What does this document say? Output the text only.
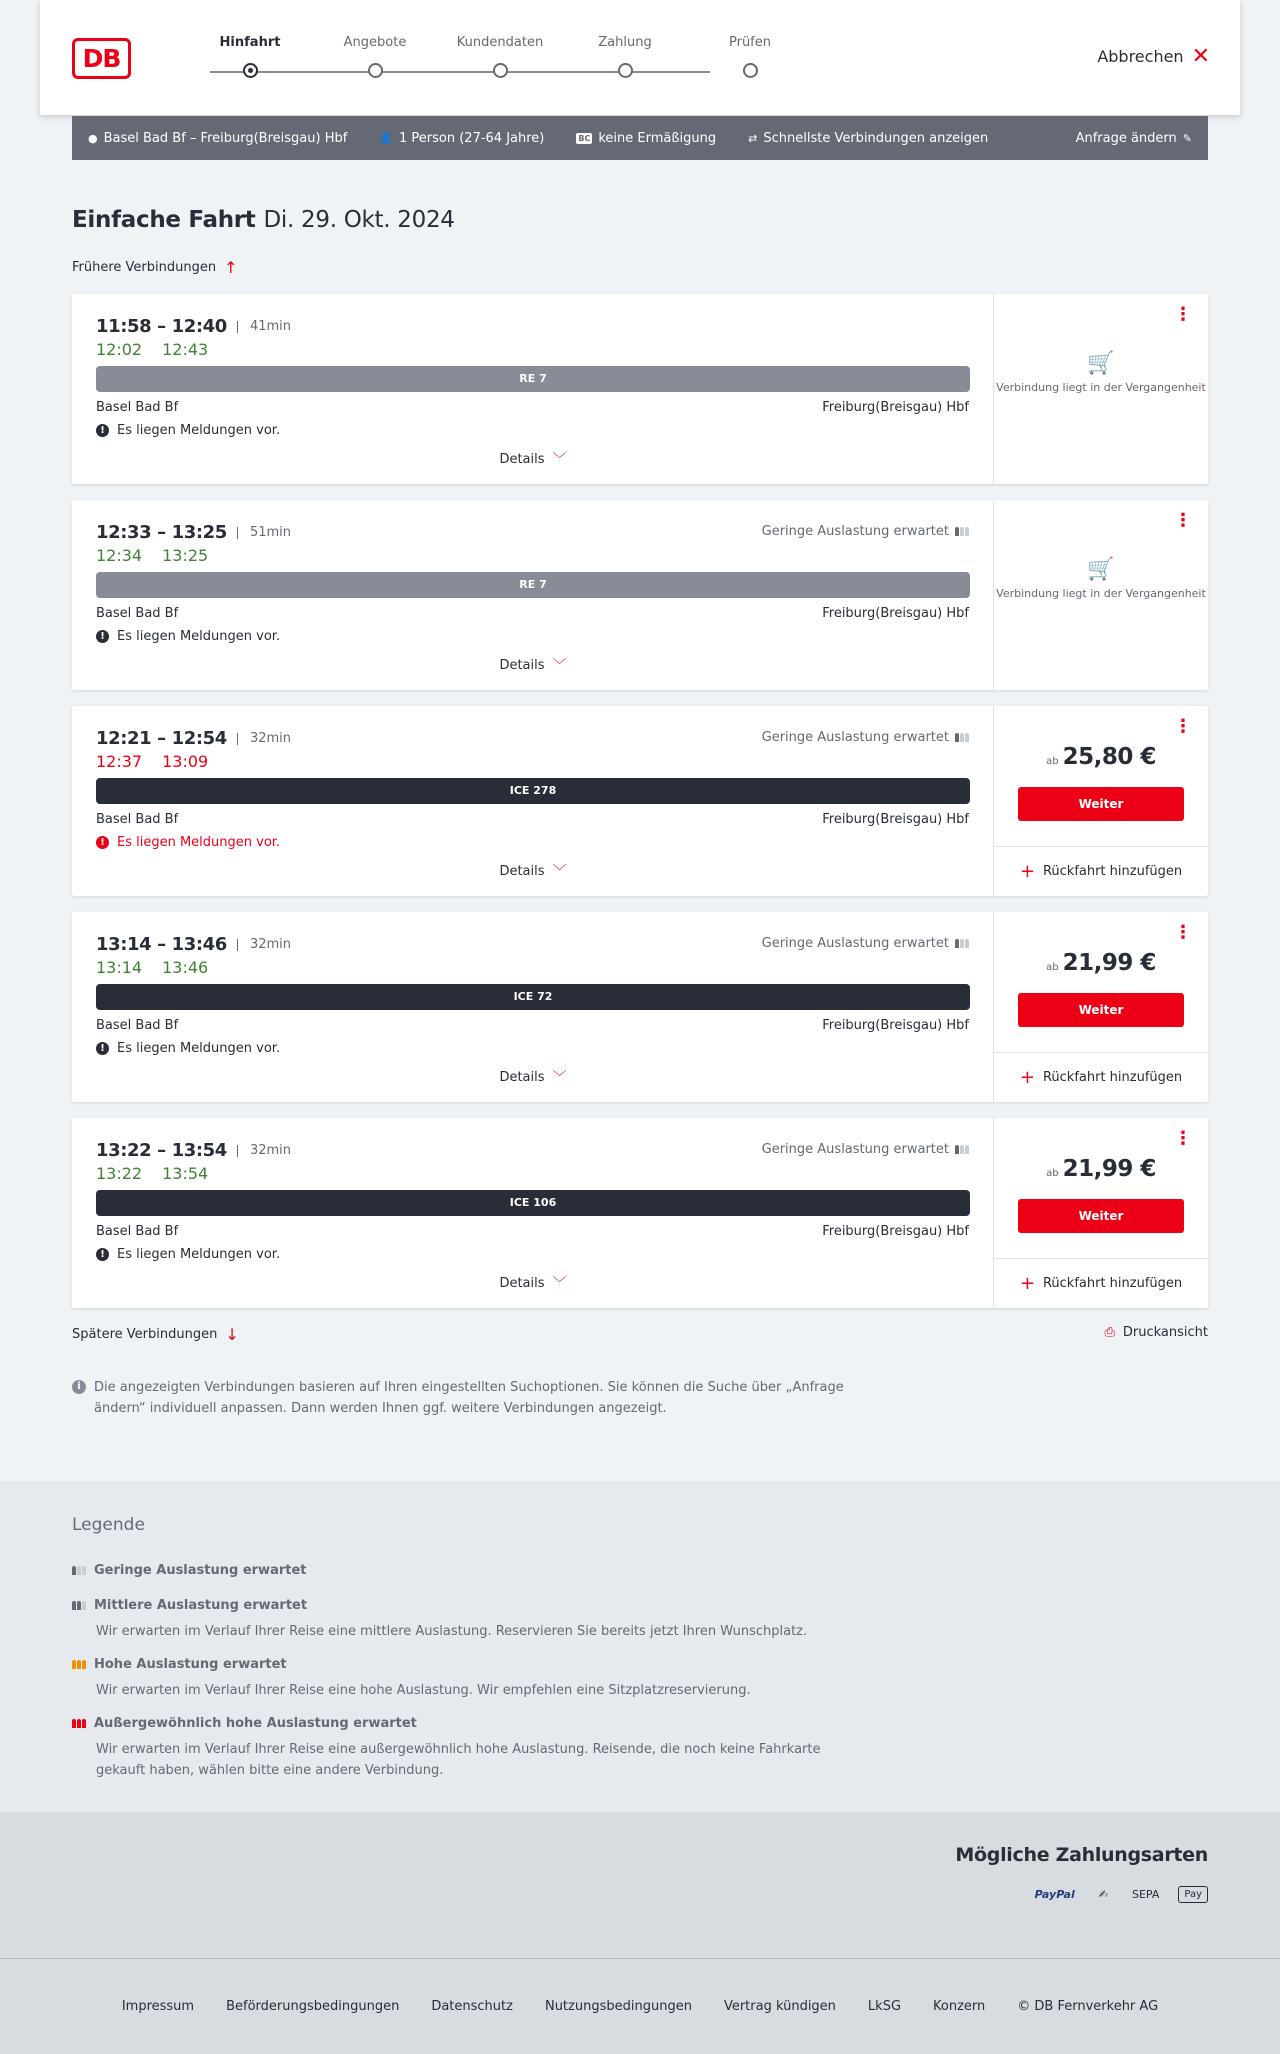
DB
Hinfahrt	Angebote	Kundendaten	Zahlung	Prüfen
Abbrechen ✕
● Basel Bad Bf – Freiburg(Breisgau) Hbf	👤 1 Person (27-64 Jahre)	BC keine Ermäßigung	⇄ Schnellste Verbindungen anzeigen	Anfrage ändern ✎
Einfache Fahrt Di. 29. Okt. 2024
Frühere Verbindungen ↑
11:58 – 12:40	41min
12:02 12:43
RE 7
Basel Bad Bf	Freiburg(Breisgau) Hbf
! Es liegen Meldungen vor.
Details ﹀
⋮
🛒
Verbindung liegt in der Vergangenheit
12:33 – 13:25	51min	Geringe Auslastung erwartet
12:34 13:25
RE 7
Basel Bad Bf	Freiburg(Breisgau) Hbf
! Es liegen Meldungen vor.
Details ﹀
⋮
🛒
Verbindung liegt in der Vergangenheit
12:21 – 12:54	32min	Geringe Auslastung erwartet
12:37 13:09
ICE 278
Basel Bad Bf	Freiburg(Breisgau) Hbf
! Es liegen Meldungen vor.
Details ﹀
⋮
ab 25,80 €
Weiter
+ Rückfahrt hinzufügen
13:14 – 13:46	32min	Geringe Auslastung erwartet
13:14 13:46
ICE 72
Basel Bad Bf	Freiburg(Breisgau) Hbf
! Es liegen Meldungen vor.
Details ﹀
⋮
ab 21,99 €
Weiter
+ Rückfahrt hinzufügen
13:22 – 13:54	32min	Geringe Auslastung erwartet
13:22 13:54
ICE 106
Basel Bad Bf	Freiburg(Breisgau) Hbf
! Es liegen Meldungen vor.
Details ﹀
⋮
ab 21,99 €
Weiter
+ Rückfahrt hinzufügen
Spätere Verbindungen ↓	⎙ Druckansicht
i	Die angezeigten Verbindungen basieren auf Ihren eingestellten Suchoptionen. Sie können die Suche über „Anfrage ändern“ individuell anpassen. Dann werden Ihnen ggf. weitere Verbindungen angezeigt.
Legende
Geringe Auslastung erwartet
Mittlere Auslastung erwartet
Wir erwarten im Verlauf Ihrer Reise eine mittlere Auslastung. Reservieren Sie bereits jetzt Ihren Wunschplatz.
Hohe Auslastung erwartet
Wir erwarten im Verlauf Ihrer Reise eine hohe Auslastung. Wir empfehlen eine Sitzplatzreservierung.
Außergewöhnlich hohe Auslastung erwartet
Wir erwarten im Verlauf Ihrer Reise eine außergewöhnlich hohe Auslastung. Reisende, die noch keine Fahrkarte gekauft haben, wählen bitte eine andere Verbindung.
Mögliche Zahlungsarten
PayPal	✍	SEPA	Pay
Impressum Beförderungsbedingungen Datenschutz Nutzungsbedingungen Vertrag kündigen LkSG Konzern © DB Fernverkehr AG
